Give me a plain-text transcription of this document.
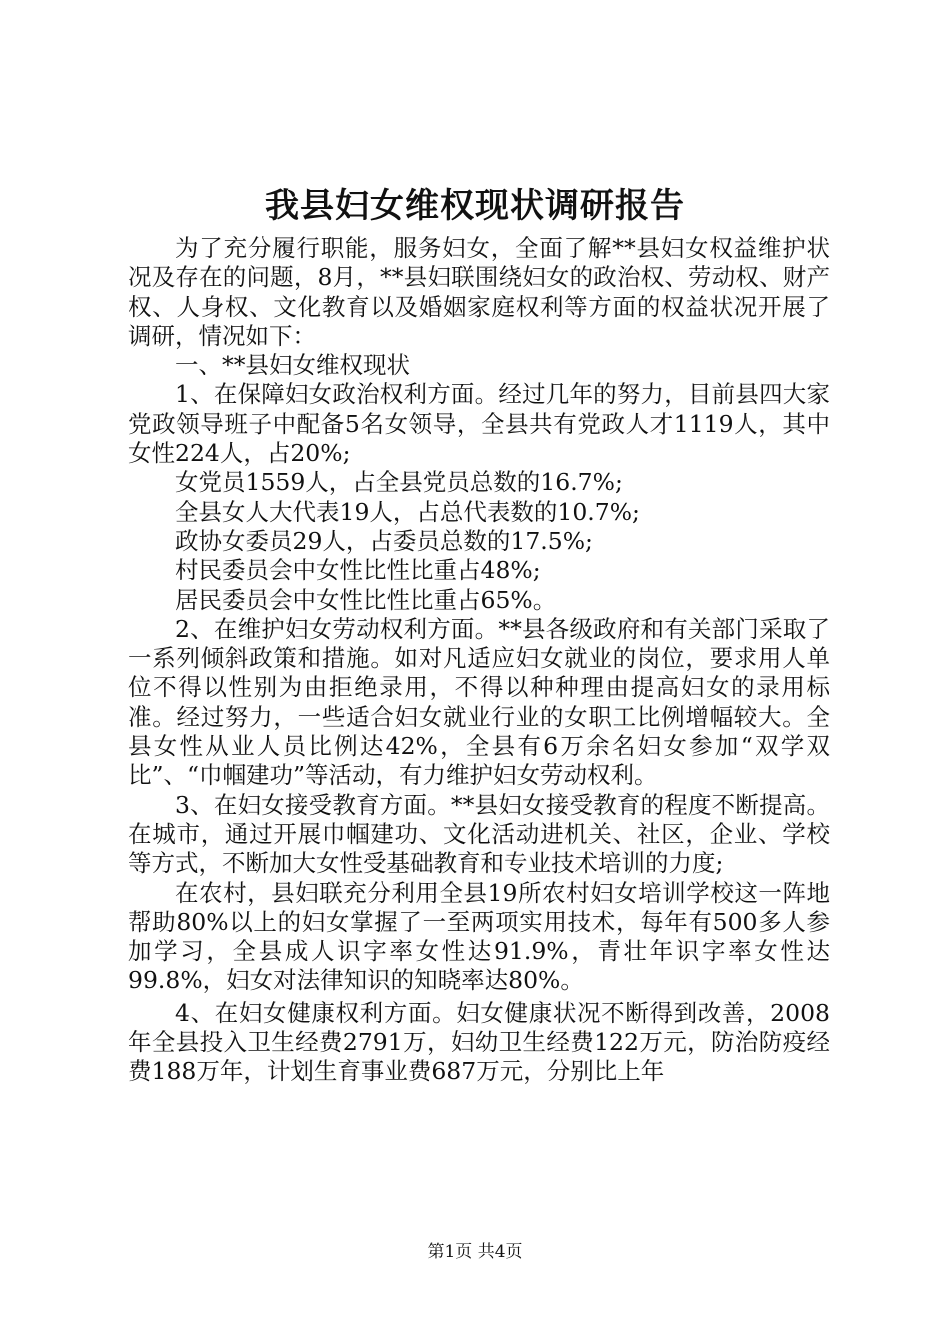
我县妇女维权现状调研报告

为了充分履行职能，服务妇女，全面了解**县妇女权益维护状况及存在的问题，8月，**县妇联围绕妇女的政治权、劳动权、财产权、人身权、文化教育以及婚姻家庭权利等方面的权益状况开展了调研，情况如下：

一、**县妇女维权现状

1、在保障妇女政治权利方面。经过几年的努力，目前县四大家党政领导班子中配备5名女领导，全县共有党政人才1119人，其中女性224人，占20%;

女党员1559人，占全县党员总数的16.7%;

全县女人大代表19人，占总代表数的10.7%;

政协女委员29人，占委员总数的17.5%;

村民委员会中女性比性比重占48%;

居民委员会中女性比性比重占65%。

2、在维护妇女劳动权利方面。**县各级政府和有关部门采取了一系列倾斜政策和措施。如对凡适应妇女就业的岗位，要求用人单位不得以性别为由拒绝录用，不得以种种理由提高妇女的录用标准。经过努力，一些适合妇女就业行业的女职工比例增幅较大。全县女性从业人员比例达42%，全县有6万余名妇女参加“双学双比”、“巾帼建功”等活动，有力维护妇女劳动权利。

3、在妇女接受教育方面。**县妇女接受教育的程度不断提高。在城市，通过开展巾帼建功、文化活动进机关、社区，企业、学校等方式，不断加大女性受基础教育和专业技术培训的力度;

在农村，县妇联充分利用全县19所农村妇女培训学校这一阵地帮助80%以上的妇女掌握了一至两项实用技术，每年有500多人参加学习，全县成人识字率女性达91.9%，青壮年识字率女性达99.8%，妇女对法律知识的知晓率达80%。

4、在妇女健康权利方面。妇女健康状况不断得到改善，2008年全县投入卫生经费2791万，妇幼卫生经费122万元，防治防疫经费188万年，计划生育事业费687万元，分别比上年

第1页 共4页
